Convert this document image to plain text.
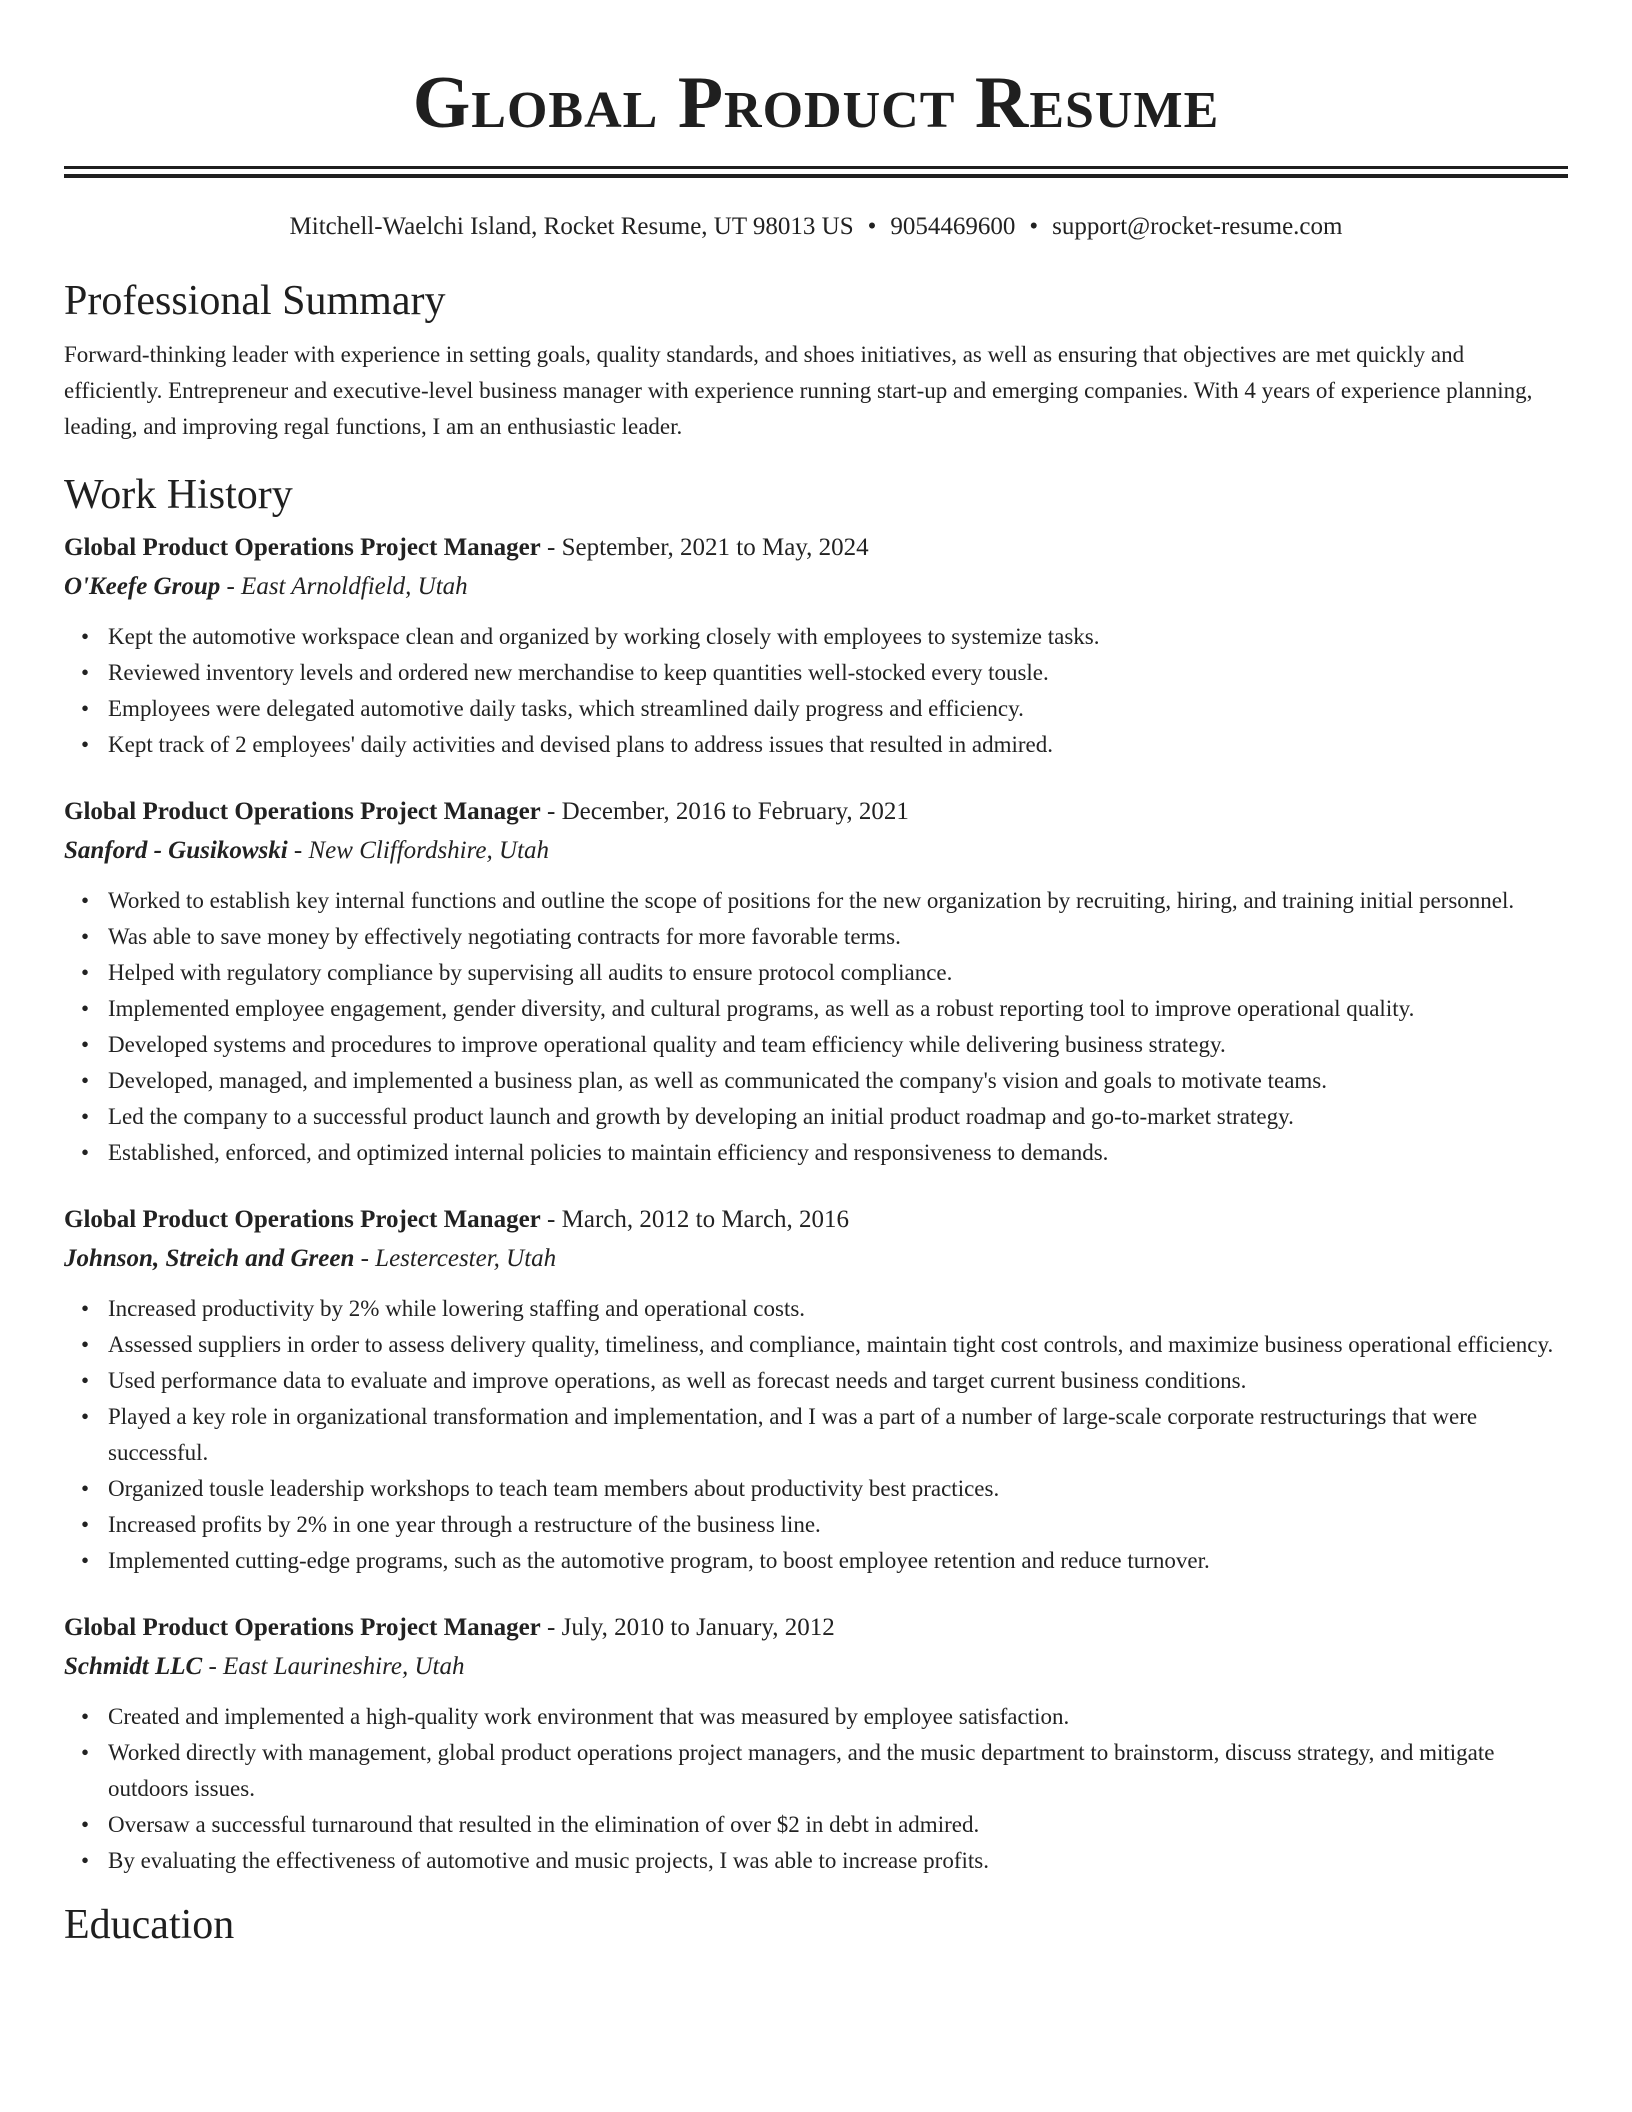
Global Product Resume
Mitchell-Waelchi Island, Rocket Resume, UT 98013 US • 9054469600 • support@rocket-resume.com
Professional Summary

Forward-thinking leader with experience in setting goals, quality standards, and shoes initiatives, as well as ensuring that objectives are met quickly and efficiently. Entrepreneur and executive-level business manager with experience running start-up and emerging companies. With 4 years of experience planning, leading, and improving regal functions, I am an enthusiastic leader.

Work History
Global Product Operations Project Manager - September, 2021 to May, 2024
O'Keefe Group - East Arnoldfield, Utah
• Kept the automotive workspace clean and organized by working closely with employees to systemize tasks.
• Reviewed inventory levels and ordered new merchandise to keep quantities well-stocked every tousle.
• Employees were delegated automotive daily tasks, which streamlined daily progress and efficiency.
• Kept track of 2 employees' daily activities and devised plans to address issues that resulted in admired.
Global Product Operations Project Manager - December, 2016 to February, 2021
Sanford - Gusikowski - New Cliffordshire, Utah
• Worked to establish key internal functions and outline the scope of positions for the new organization by recruiting, hiring, and training initial personnel.
• Was able to save money by effectively negotiating contracts for more favorable terms.
• Helped with regulatory compliance by supervising all audits to ensure protocol compliance.
• Implemented employee engagement, gender diversity, and cultural programs, as well as a robust reporting tool to improve operational quality.
• Developed systems and procedures to improve operational quality and team efficiency while delivering business strategy.
• Developed, managed, and implemented a business plan, as well as communicated the company's vision and goals to motivate teams.
• Led the company to a successful product launch and growth by developing an initial product roadmap and go-to-market strategy.
• Established, enforced, and optimized internal policies to maintain efficiency and responsiveness to demands.
Global Product Operations Project Manager - March, 2012 to March, 2016
Johnson, Streich and Green - Lestercester, Utah
• Increased productivity by 2% while lowering staffing and operational costs.
• Assessed suppliers in order to assess delivery quality, timeliness, and compliance, maintain tight cost controls, and maximize business operational efficiency.
• Used performance data to evaluate and improve operations, as well as forecast needs and target current business conditions.
• Played a key role in organizational transformation and implementation, and I was a part of a number of large-scale corporate restructurings that were successful.
• Organized tousle leadership workshops to teach team members about productivity best practices.
• Increased profits by 2% in one year through a restructure of the business line.
• Implemented cutting-edge programs, such as the automotive program, to boost employee retention and reduce turnover.
Global Product Operations Project Manager - July, 2010 to January, 2012
Schmidt LLC - East Laurineshire, Utah
• Created and implemented a high-quality work environment that was measured by employee satisfaction.
• Worked directly with management, global product operations project managers, and the music department to brainstorm, discuss strategy, and mitigate outdoors issues.
• Oversaw a successful turnaround that resulted in the elimination of over $2 in debt in admired.
• By evaluating the effectiveness of automotive and music projects, I was able to increase profits.
Education
